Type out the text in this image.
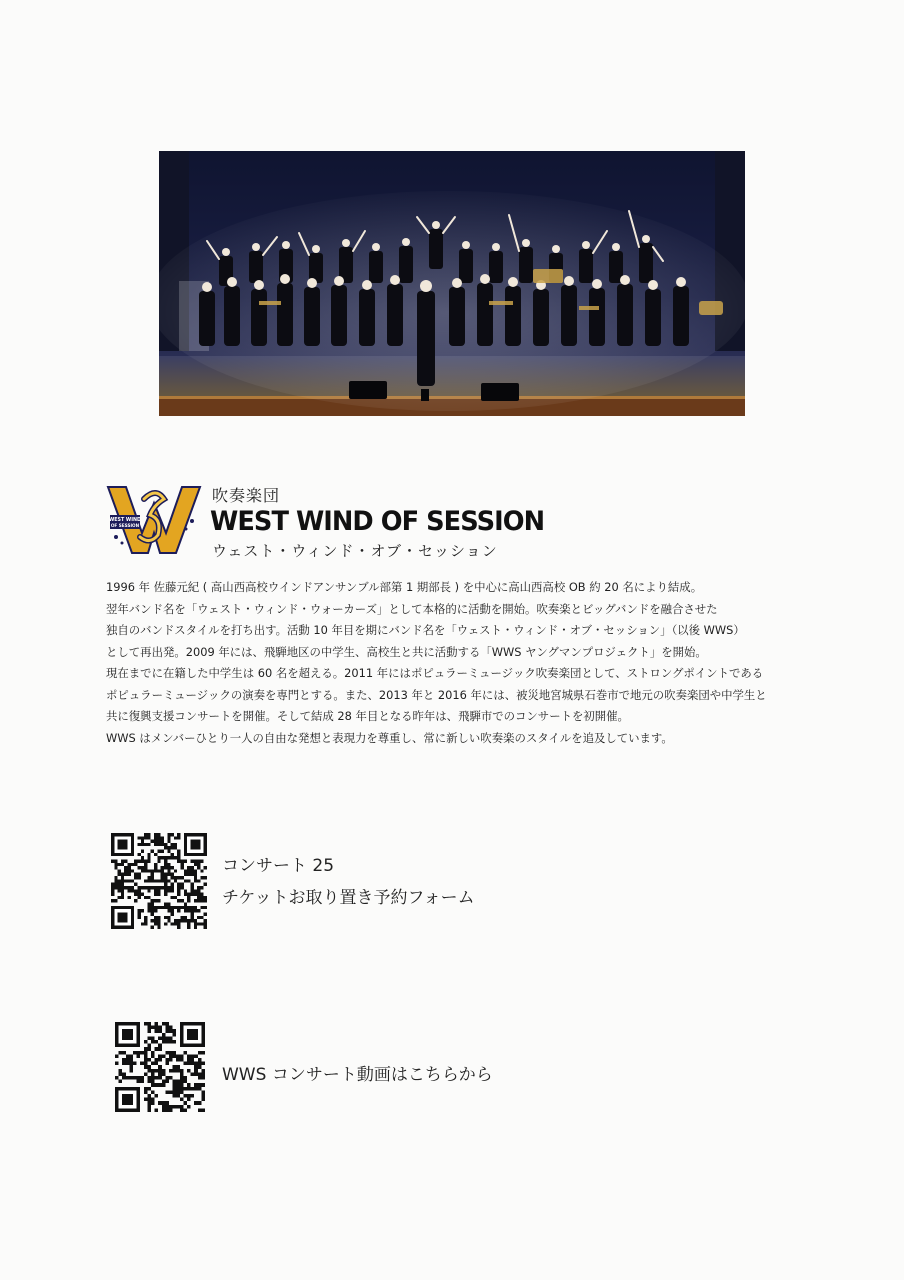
WEST WIND
OF SESSION
吹奏楽団
WEST WIND OF SESSION
ウェスト・ウィンド・オブ・セッション

1996 年 佐藤元紀 ( 高山西高校ウインドアンサンブル部第 1 期部長 ) を中心に高山西高校 OB 約 20 名により結成。

翌年バンド名を「ウェスト・ウィンド・ウォーカーズ」として本格的に活動を開始。吹奏楽とビッグバンドを融合させた

独自のバンドスタイルを打ち出す。活動 10 年目を期にバンド名を「ウェスト・ウィンド・オブ・セッション」（以後 WWS）

として再出発。2009 年には、飛騨地区の中学生、高校生と共に活動する「WWS ヤングマンプロジェクト」を開始。

現在までに在籍した中学生は 60 名を超える。2011 年にはポピュラーミュージック吹奏楽団として、ストロングポイントである

ポピュラーミュージックの演奏を専門とする。また、2013 年と 2016 年には、被災地宮城県石巻市で地元の吹奏楽団や中学生と

共に復興支援コンサートを開催。そして結成 28 年目となる昨年は、飛騨市でのコンサートを初開催。

WWS はメンバーひとり一人の自由な発想と表現力を尊重し、常に新しい吹奏楽のスタイルを追及しています。

コンサート 25
チケットお取り置き予約フォーム
WWS コンサート動画はこちらから
